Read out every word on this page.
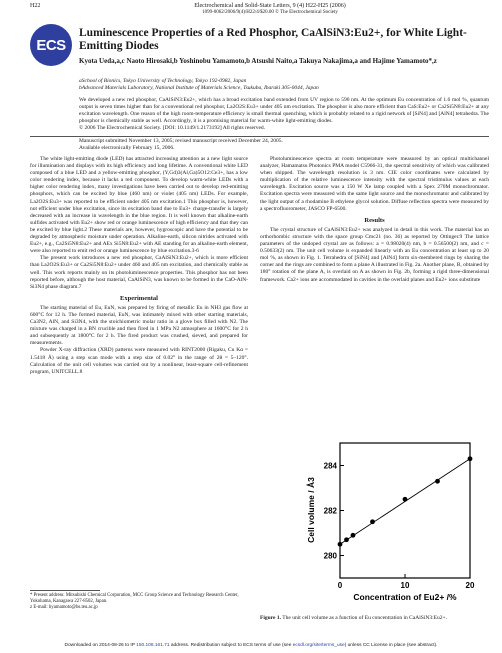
H22	Electrochemical and Solid-State Letters, 9 (4) H22-H25 (2006)
1099-0062/2006/9(4)/H22/4/$20.00 © The Electrochemical Society
ECS
Luminescence Properties of a Red Phosphor, CaAlSiN3:Eu2+, for White Light-Emitting Diodes
Kyota Ueda,a,c Naoto Hirosaki,b Yoshinobu Yamamoto,b Atsushi Naito,a Takuya Nakajima,a and Hajime Yamamoto*,z
aSchool of Bionics, Tokyo University of Technology, Tokyo 192-0982, Japan
bAdvanced Materials Laboratory, National Institute of Materials Science, Tsukuba, Ibaraki 305-0044, Japan
We developed a new red phosphor, CaAlSiN3:Eu2+, which has a broad excitation band extended from UV region to 590 nm. At the optimum Eu concentration of 1.6 mol %, quantum output is seven times higher than for a conventional red phosphor, La2O2S:Eu3+ under 405 nm excitation. The phosphor is also more efficient than CaS:Eu2+ or Ca2Si5N8:Eu2+ at any excitation wavelength. One reason of the high room-temperature efficiency is small thermal quenching, which is probably related to a rigid network of [SiN4] and [AlN4] tetrahedra. The phosphor is chemically stable as well. Accordingly, it is a promising material for warm-white light-emitting diodes.
© 2006 The Electrochemical Society. [DOI: 10.1149/1.2173192] All rights reserved.
Manuscript submitted November 13, 2005; revised manuscript received December 24, 2005.
Available electronically February 15, 2006.

The white light-emitting diode (LED) has attracted increasing attention as a new light source for illumination and displays with its high efficiency and long lifetime. A conventional white LED composed of a blue LED and a yellow-emitting phosphor, (Y,Gd)3(Al,Ga)5O12:Ce3+, has a low color rendering index, because it lacks a red component. To develop warm-white LEDs with a higher color rendering index, many investigations have been carried out to develop red-emitting phosphors, which can be excited by blue (460 nm) or violet (405 nm) LEDs. For example, La2O2S:Eu3+ was reported to be efficient under 405 nm excitation.1 This phosphor is, however, not efficient under blue excitation, since its excitation band due to Eu3+ charge-transfer is largely decreased with an increase in wavelength in the blue region. It is well known that alkaline-earth sulfides activated with Eu2+ show red or orange luminescence of high efficiency and that they can be excited by blue light.2 These materials are, however, hygroscopic and have the potential to be degraded by atmospheric moisture under operation. Alkaline-earth, silicon nitrides activated with Eu2+, e.g., Ca2Si5N8:Eu2+ and AEx Si5N8:Eu2+ with AE standing for an alkaline-earth element, were also reported to emit red or orange luminescence by blue excitation.3-6

The present work introduces a new red phosphor, CaAlSiN3:Eu2+, which is more efficient than La2O2S:Eu3+ or Ca2Si5N8:Eu2+ under 460 and 405 nm excitation, and chemically stable as well. This work reports mainly on its photoluminescence properties. This phosphor has not been reported before, although the host material, CaAlSiN3, was known to be formed in the CaO-AlN-Si3N4 phase diagram.7

Experimental

The starting material of Eu, EuN, was prepared by firing of metallic Eu in NH3 gas flow at 600°C for 12 h. The formed material, EuN, was intimately mixed with other starting materials, Ca3N2, AlN, and Si3N4, with the stoichiometric molar ratio in a glove box filled with N2. The mixture was charged in a BN crucible and then fired in 1 MPa N2 atmosphere at 1600°C for 2 h and subsequently at 1800°C for 2 h. The fired product was crushed, sieved, and prepared for measurements.

Powder X-ray diffraction (XRD) patterns were measured with RINT2000 (Rigaku, Cu Kα = 1.5418 Å) using a step scan mode with a step size of 0.02° in the range of 2θ = 5–120°. Calculation of the unit cell volumes was carried out by a nonlinear, least-square cell-refinement program, UNITCELL.8

* Present address: Mitsubishi Chemical Corporation, MCC Group Science and Technology Research Center, Yokohama, Kanagawa 227-8502, Japan.
z E-mail: hyamamoto@bs.teu.ac.jp

Photoluminescence spectra at room temperature were measured by an optical multichannel analyzer, Hamamatsu Photonics PMA model C5966-31, the spectral sensitivity of which was calibrated when shipped. The wavelength resolution is 3 nm. CIE color coordinates were calculated by multiplication of the relative luminescence intensity with the spectral tristimulus values at each wavelength. Excitation source was a 150 W Xe lamp coupled with a Spex 270M monochromator. Excitation spectra were measured with the same light source and the monochromator and calibrated by the light output of a rhodamine B ethylene glycol solution. Diffuse reflection spectra were measured by a spectrofluorometer, JASCO FP-6500.

Results

The crystal structure of CaAlSiN3:Eu2+ was analyzed in detail in this work. The material has an orthorhombic structure with the space group Cmc21 (no. 36) as reported by Ottinger.9 The lattice parameters of the undoped crystal are as follows: a = 0.98020(4) nm, b = 0.56500(2) nm, and c = 0.50633(2) nm. The unit cell volume is expanded linearly with an Eu concentration at least up to 20 mol %, as shown in Fig. 1. Tetrahedra of [SiN4] and [AlN4] form six-membered rings by sharing the corner and the rings are combined to form a plane A illustrated in Fig. 2a. Another plane, B, obtained by 180° rotation of the plane A, is overlaid on A as shown in Fig. 2b, forming a rigid three-dimensional framework. Ca2+ ions are accommodated in cavities in the overlaid planes and Eu2+ ions substitute

0	10	20
280
282
284
Cell volume / Å3
Concentration of Eu2+ /%
Figure 1. The unit cell volume as a function of Eu concentration in CaAlSiN3:Eu2+.
Downloaded on 2014-08-26 to IP 150.108.161.71 address. Redistribution subject to ECS terms of use (see ecsdl.org/site/terms_use) unless CC License in place (see abstract).
